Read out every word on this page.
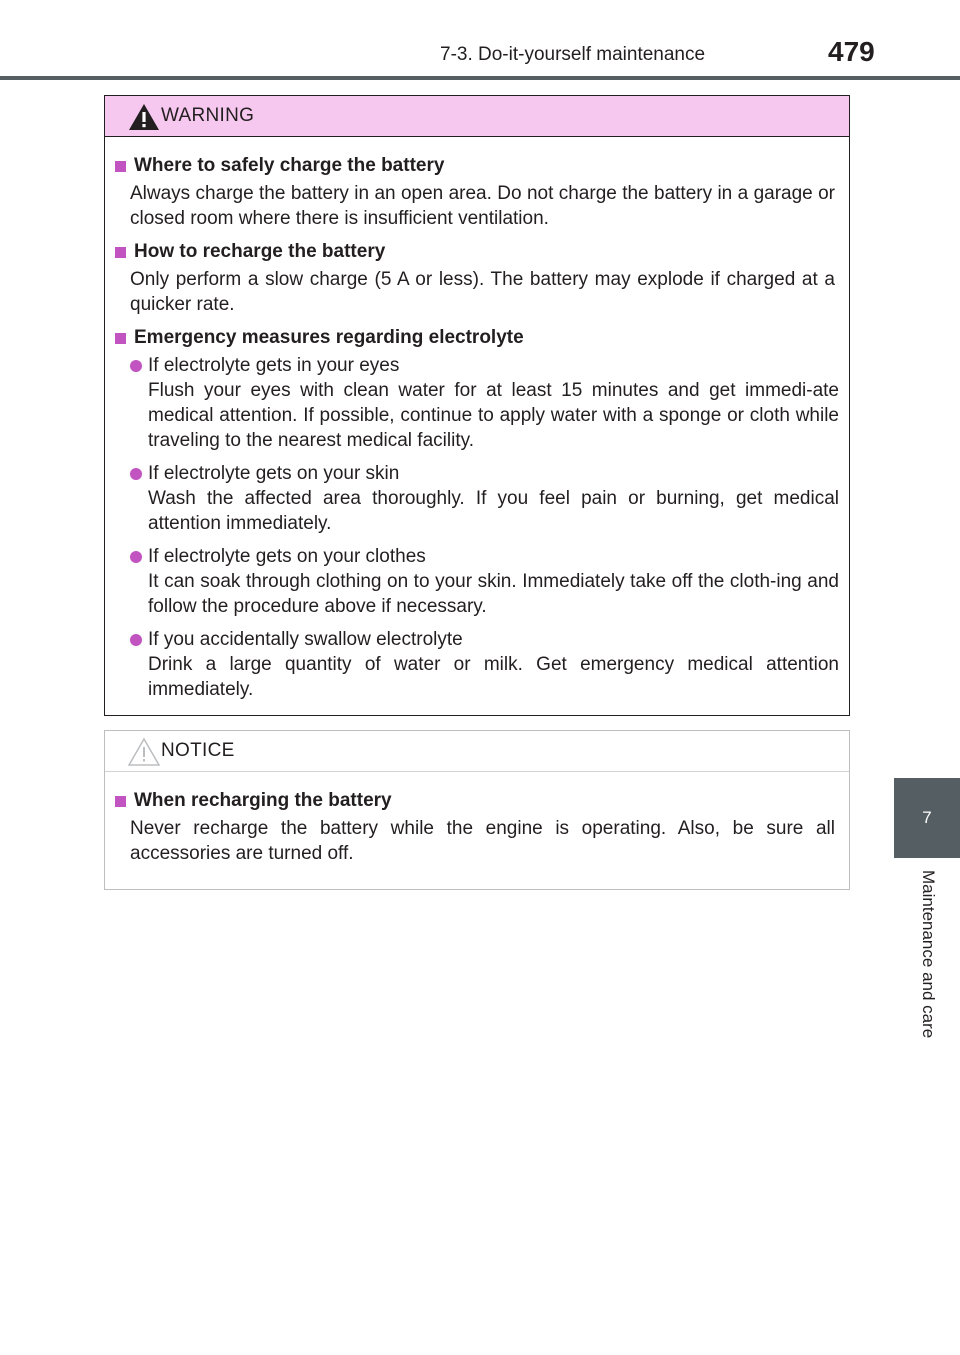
7-3. Do-it-yourself maintenance	479
7
Maintenance and care
WARNING
Where to safely charge the battery
Always charge the battery in an open area. Do not charge the battery in a garage or closed room where there is insufficient ventilation.
How to recharge the battery
Only perform a slow charge (5 A or less). The battery may explode if charged at a quicker rate.
Emergency measures regarding electrolyte
If electrolyte gets in your eyes
Flush your eyes with clean water for at least 15 minutes and get immedi-ate medical attention. If possible, continue to apply water with a sponge or cloth while traveling to the nearest medical facility.
If electrolyte gets on your skin
Wash the affected area thoroughly. If you feel pain or burning, get medical attention immediately.
If electrolyte gets on your clothes
It can soak through clothing on to your skin. Immediately take off the cloth-ing and follow the procedure above if necessary.
If you accidentally swallow electrolyte
Drink a large quantity of water or milk. Get emergency medical attention immediately.
NOTICE
When recharging the battery
Never recharge the battery while the engine is operating. Also, be sure all accessories are turned off.
